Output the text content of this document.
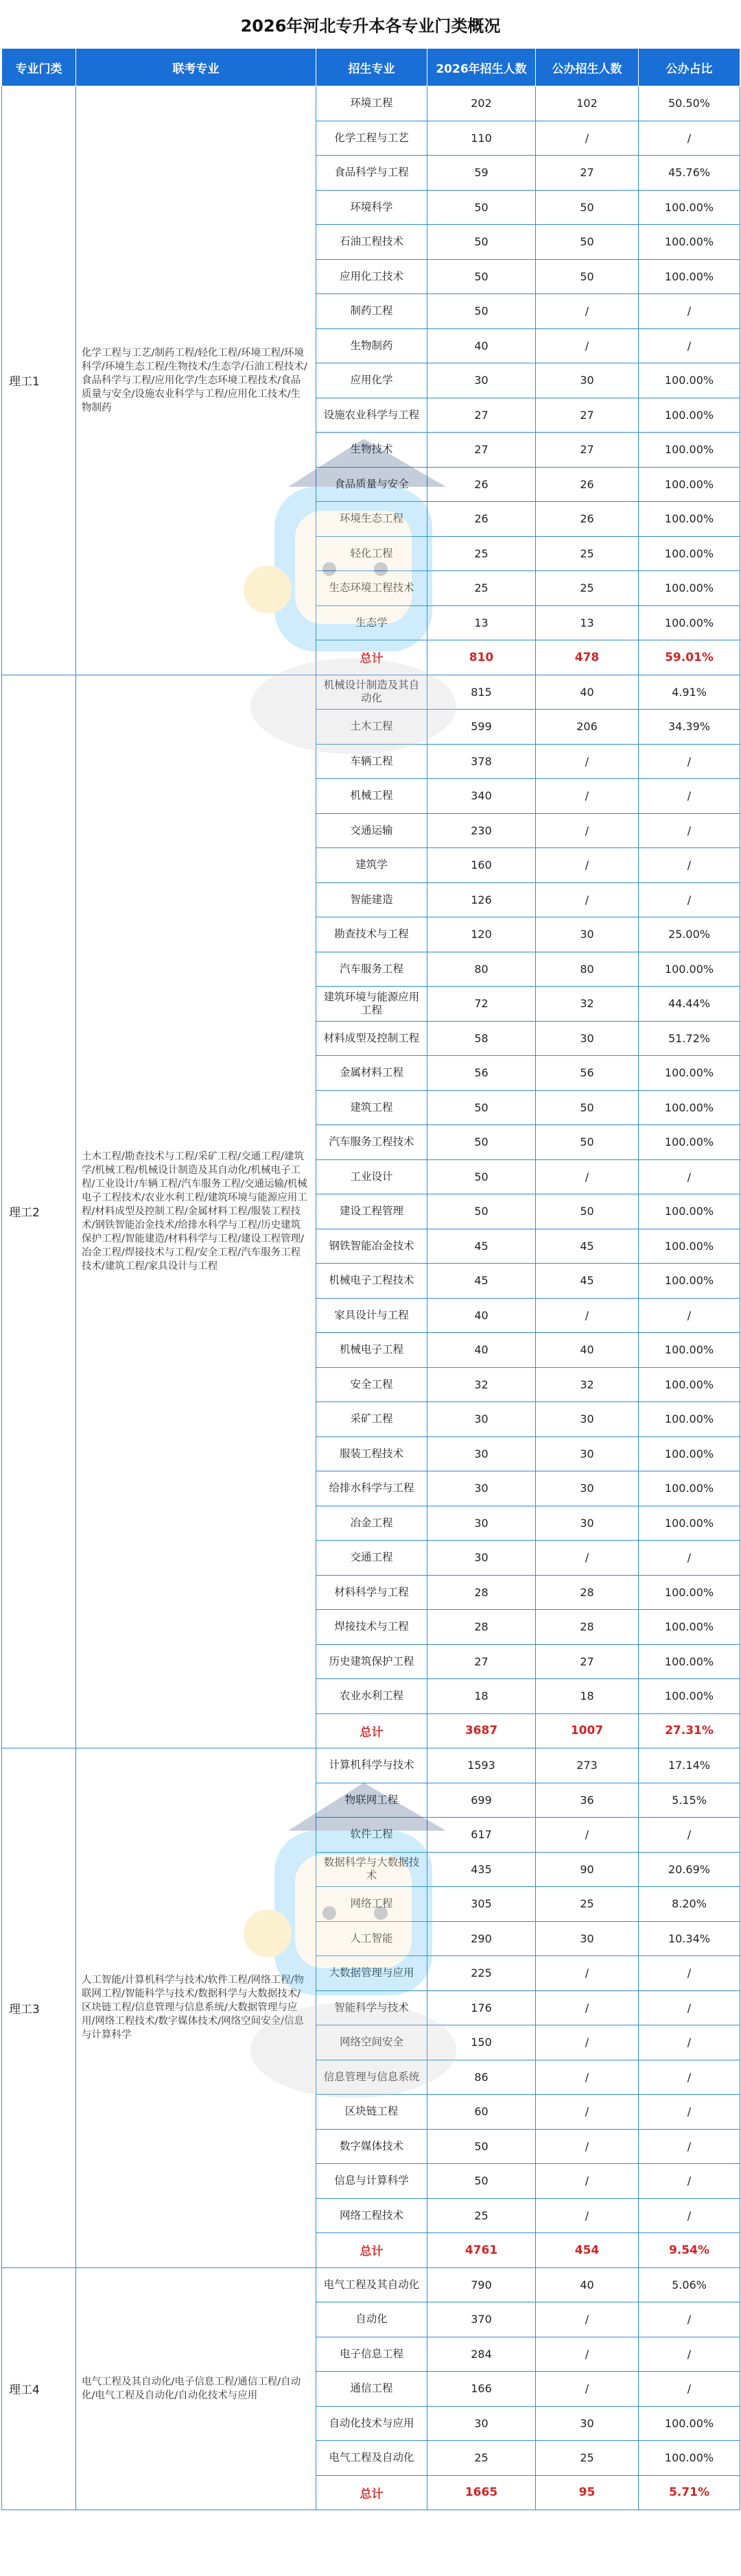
2026年河北专升本各专业门类概况
专业门类	联考专业	招生专业	2026年招生人数	公办招生人数	公办占比
理工1	化学工程与工艺/制药工程/轻化工程/环境工程/环境科学/环境生态工程/生物技术/生态学/石油工程技术/食品科学与工程/应用化学/生态环境工程技术/食品质量与安全/设施农业科学与工程/应用化工技术/生物制药	环境工程	202	102	50.50%
		化学工程与工艺	110	/	/
		食品科学与工程	59	27	45.76%
		环境科学	50	50	100.00%
		石油工程技术	50	50	100.00%
		应用化工技术	50	50	100.00%
		制药工程	50	/	/
		生物制药	40	/	/
		应用化学	30	30	100.00%
		设施农业科学与工程	27	27	100.00%
		生物技术	27	27	100.00%
		食品质量与安全	26	26	100.00%
		环境生态工程	26	26	100.00%
		轻化工程	25	25	100.00%
		生态环境工程技术	25	25	100.00%
		生态学	13	13	100.00%
		总计	810	478	59.01%
理工2	土木工程/勘查技术与工程/采矿工程/交通工程/建筑学/机械工程/机械设计制造及其自动化/机械电子工程/工业设计/车辆工程/汽车服务工程/交通运输/机械电子工程技术/农业水利工程/建筑环境与能源应用工程/材料成型及控制工程/金属材料工程/服装工程技术/钢铁智能冶金技术/给排水科学与工程/历史建筑保护工程/智能建造/材料科学与工程/建设工程管理/冶金工程/焊接技术与工程/安全工程/汽车服务工程技术/建筑工程/家具设计与工程	机械设计制造及其自动化	815	40	4.91%
		土木工程	599	206	34.39%
		车辆工程	378	/	/
		机械工程	340	/	/
		交通运输	230	/	/
		建筑学	160	/	/
		智能建造	126	/	/
		勘查技术与工程	120	30	25.00%
		汽车服务工程	80	80	100.00%
		建筑环境与能源应用工程	72	32	44.44%
		材料成型及控制工程	58	30	51.72%
		金属材料工程	56	56	100.00%
		建筑工程	50	50	100.00%
		汽车服务工程技术	50	50	100.00%
		工业设计	50	/	/
		建设工程管理	50	50	100.00%
		钢铁智能冶金技术	45	45	100.00%
		机械电子工程技术	45	45	100.00%
		家具设计与工程	40	/	/
		机械电子工程	40	40	100.00%
		安全工程	32	32	100.00%
		采矿工程	30	30	100.00%
		服装工程技术	30	30	100.00%
		给排水科学与工程	30	30	100.00%
		冶金工程	30	30	100.00%
		交通工程	30	/	/
		材料科学与工程	28	28	100.00%
		焊接技术与工程	28	28	100.00%
		历史建筑保护工程	27	27	100.00%
		农业水利工程	18	18	100.00%
		总计	3687	1007	27.31%
理工3	人工智能/计算机科学与技术/软件工程/网络工程/物联网工程/智能科学与技术/数据科学与大数据技术/区块链工程/信息管理与信息系统/大数据管理与应用/网络工程技术/数字媒体技术/网络空间安全/信息与计算科学	计算机科学与技术	1593	273	17.14%
		物联网工程	699	36	5.15%
		软件工程	617	/	/
		数据科学与大数据技术	435	90	20.69%
		网络工程	305	25	8.20%
		人工智能	290	30	10.34%
		大数据管理与应用	225	/	/
		智能科学与技术	176	/	/
		网络空间安全	150	/	/
		信息管理与信息系统	86	/	/
		区块链工程	60	/	/
		数字媒体技术	50	/	/
		信息与计算科学	50	/	/
		网络工程技术	25	/	/
		总计	4761	454	9.54%
理工4	电气工程及其自动化/电子信息工程/通信工程/自动化/电气工程及自动化/自动化技术与应用	电气工程及其自动化	790	40	5.06%
		自动化	370	/	/
		电子信息工程	284	/	/
		通信工程	166	/	/
		自动化技术与应用	30	30	100.00%
		电气工程及自动化	25	25	100.00%
		总计	1665	95	5.71%
